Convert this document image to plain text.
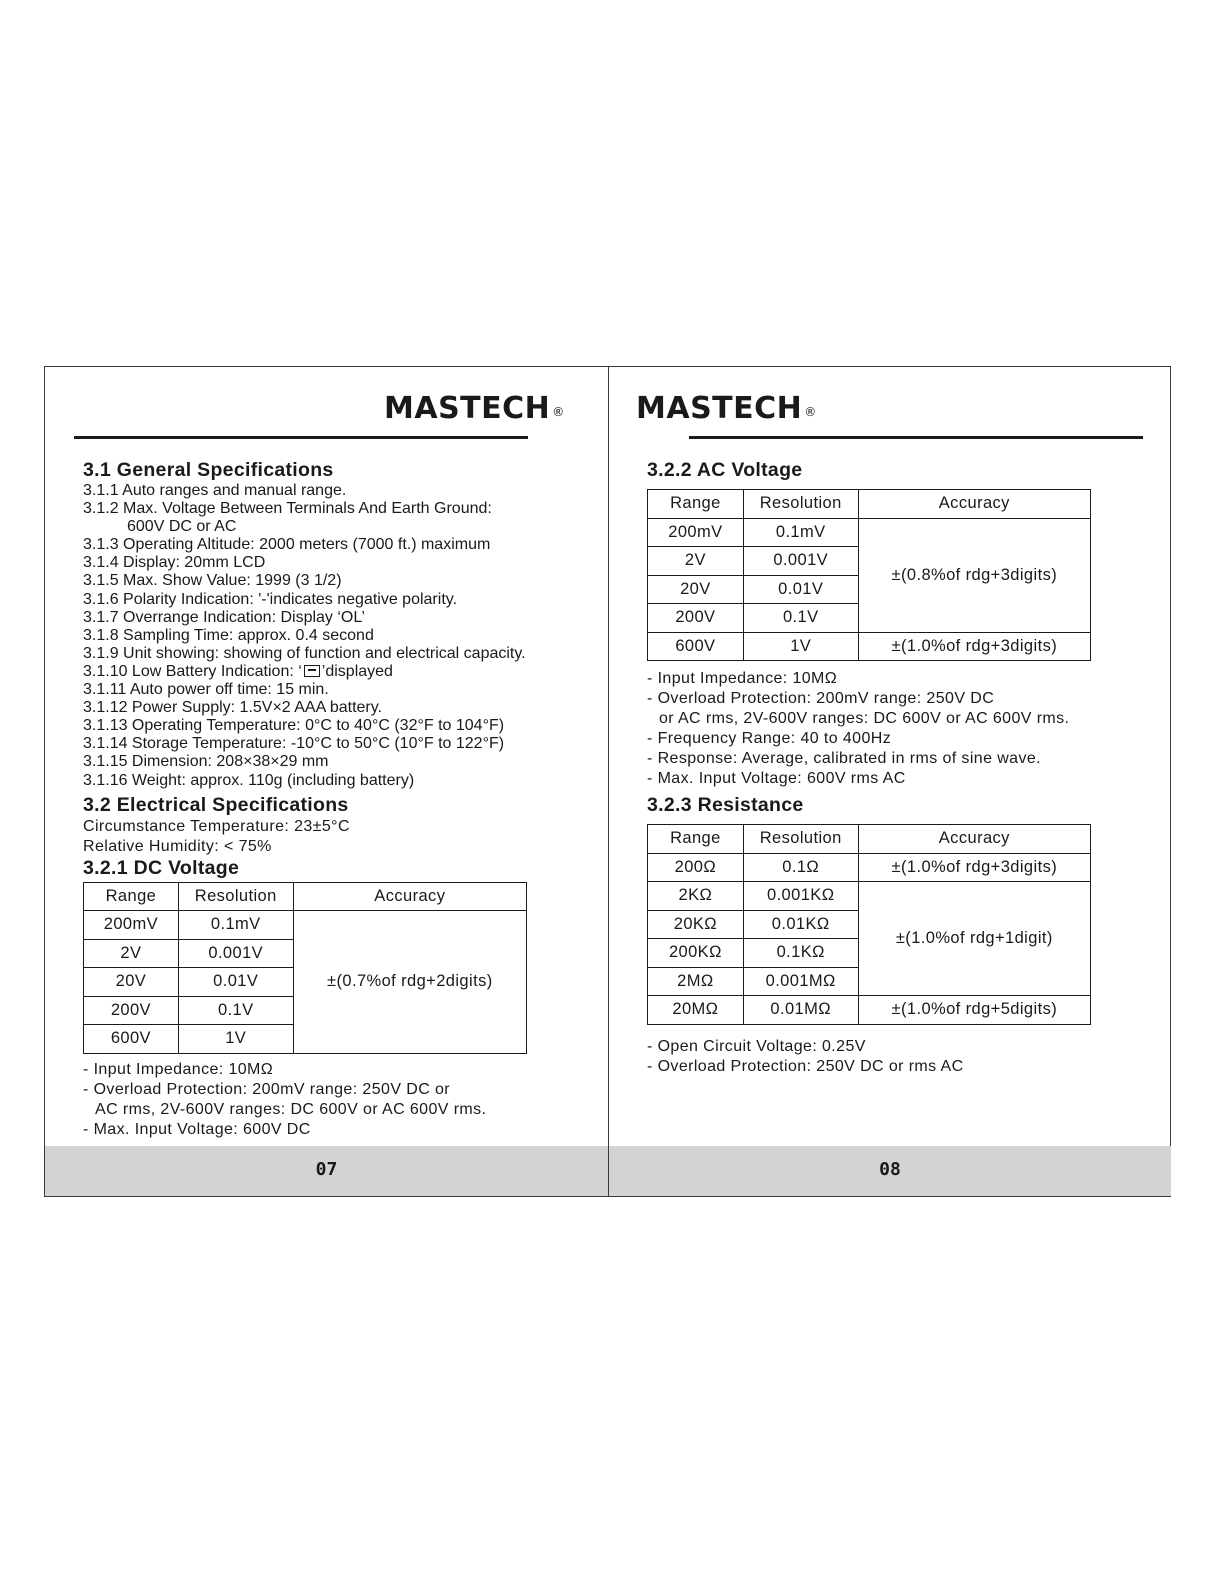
MASTECH ®
3.1 General Specifications
3.1.1 Auto ranges and manual range.
3.1.2 Max. Voltage Between Terminals And Earth Ground:
600V DC or AC
3.1.3 Operating Altitude: 2000 meters (7000 ft.) maximum
3.1.4 Display: 20mm LCD
3.1.5 Max. Show Value: 1999 (3 1/2)
3.1.6 Polarity Indication: '-'indicates negative polarity.
3.1.7 Overrange Indication: Display ‘OL’
3.1.8 Sampling Time: approx. 0.4 second
3.1.9 Unit showing: showing of function and electrical capacity.
3.1.10 Low Battery Indication: ‘ ’displayed
3.1.11 Auto power off time: 15 min.
3.1.12 Power Supply: 1.5V×2 AAA battery.
3.1.13 Operating Temperature: 0°C to 40°C (32°F to 104°F)
3.1.14 Storage Temperature: -10°C to 50°C (10°F to 122°F)
3.1.15 Dimension: 208×38×29 mm
3.1.16 Weight: approx. 110g (including battery)
3.2 Electrical Specifications
Circumstance Temperature: 23±5°C
Relative Humidity: < 75%
3.2.1 DC Voltage
Range	Resolution	Accuracy
200mV	0.1mV	±(0.7%of rdg+2digits)
2V	0.001V	
20V	0.01V	
200V	0.1V	
600V	1V	
- Input Impedance: 10MΩ
- Overload Protection: 200mV range: 250V DC or
AC rms, 2V-600V ranges: DC 600V or AC 600V rms.
- Max. Input Voltage: 600V DC
07
MASTECH ®
3.2.2 AC Voltage
Range	Resolution	Accuracy
200mV	0.1mV	±(0.8%of rdg+3digits)
2V	0.001V	
20V	0.01V	
200V	0.1V	
600V	1V	±(1.0%of rdg+3digits)
- Input Impedance: 10MΩ
- Overload Protection: 200mV range: 250V DC
or AC rms, 2V-600V ranges: DC 600V or AC 600V rms.
- Frequency Range: 40 to 400Hz
- Response: Average, calibrated in rms of sine wave.
- Max. Input Voltage: 600V rms AC
3.2.3 Resistance
Range	Resolution	Accuracy
200Ω	0.1Ω	±(1.0%of rdg+3digits)
2KΩ	0.001KΩ	±(1.0%of rdg+1digit)
20KΩ	0.01KΩ	
200KΩ	0.1KΩ	
2MΩ	0.001MΩ	
20MΩ	0.01MΩ	±(1.0%of rdg+5digits)
- Open Circuit Voltage: 0.25V
- Overload Protection: 250V DC or rms AC
08
